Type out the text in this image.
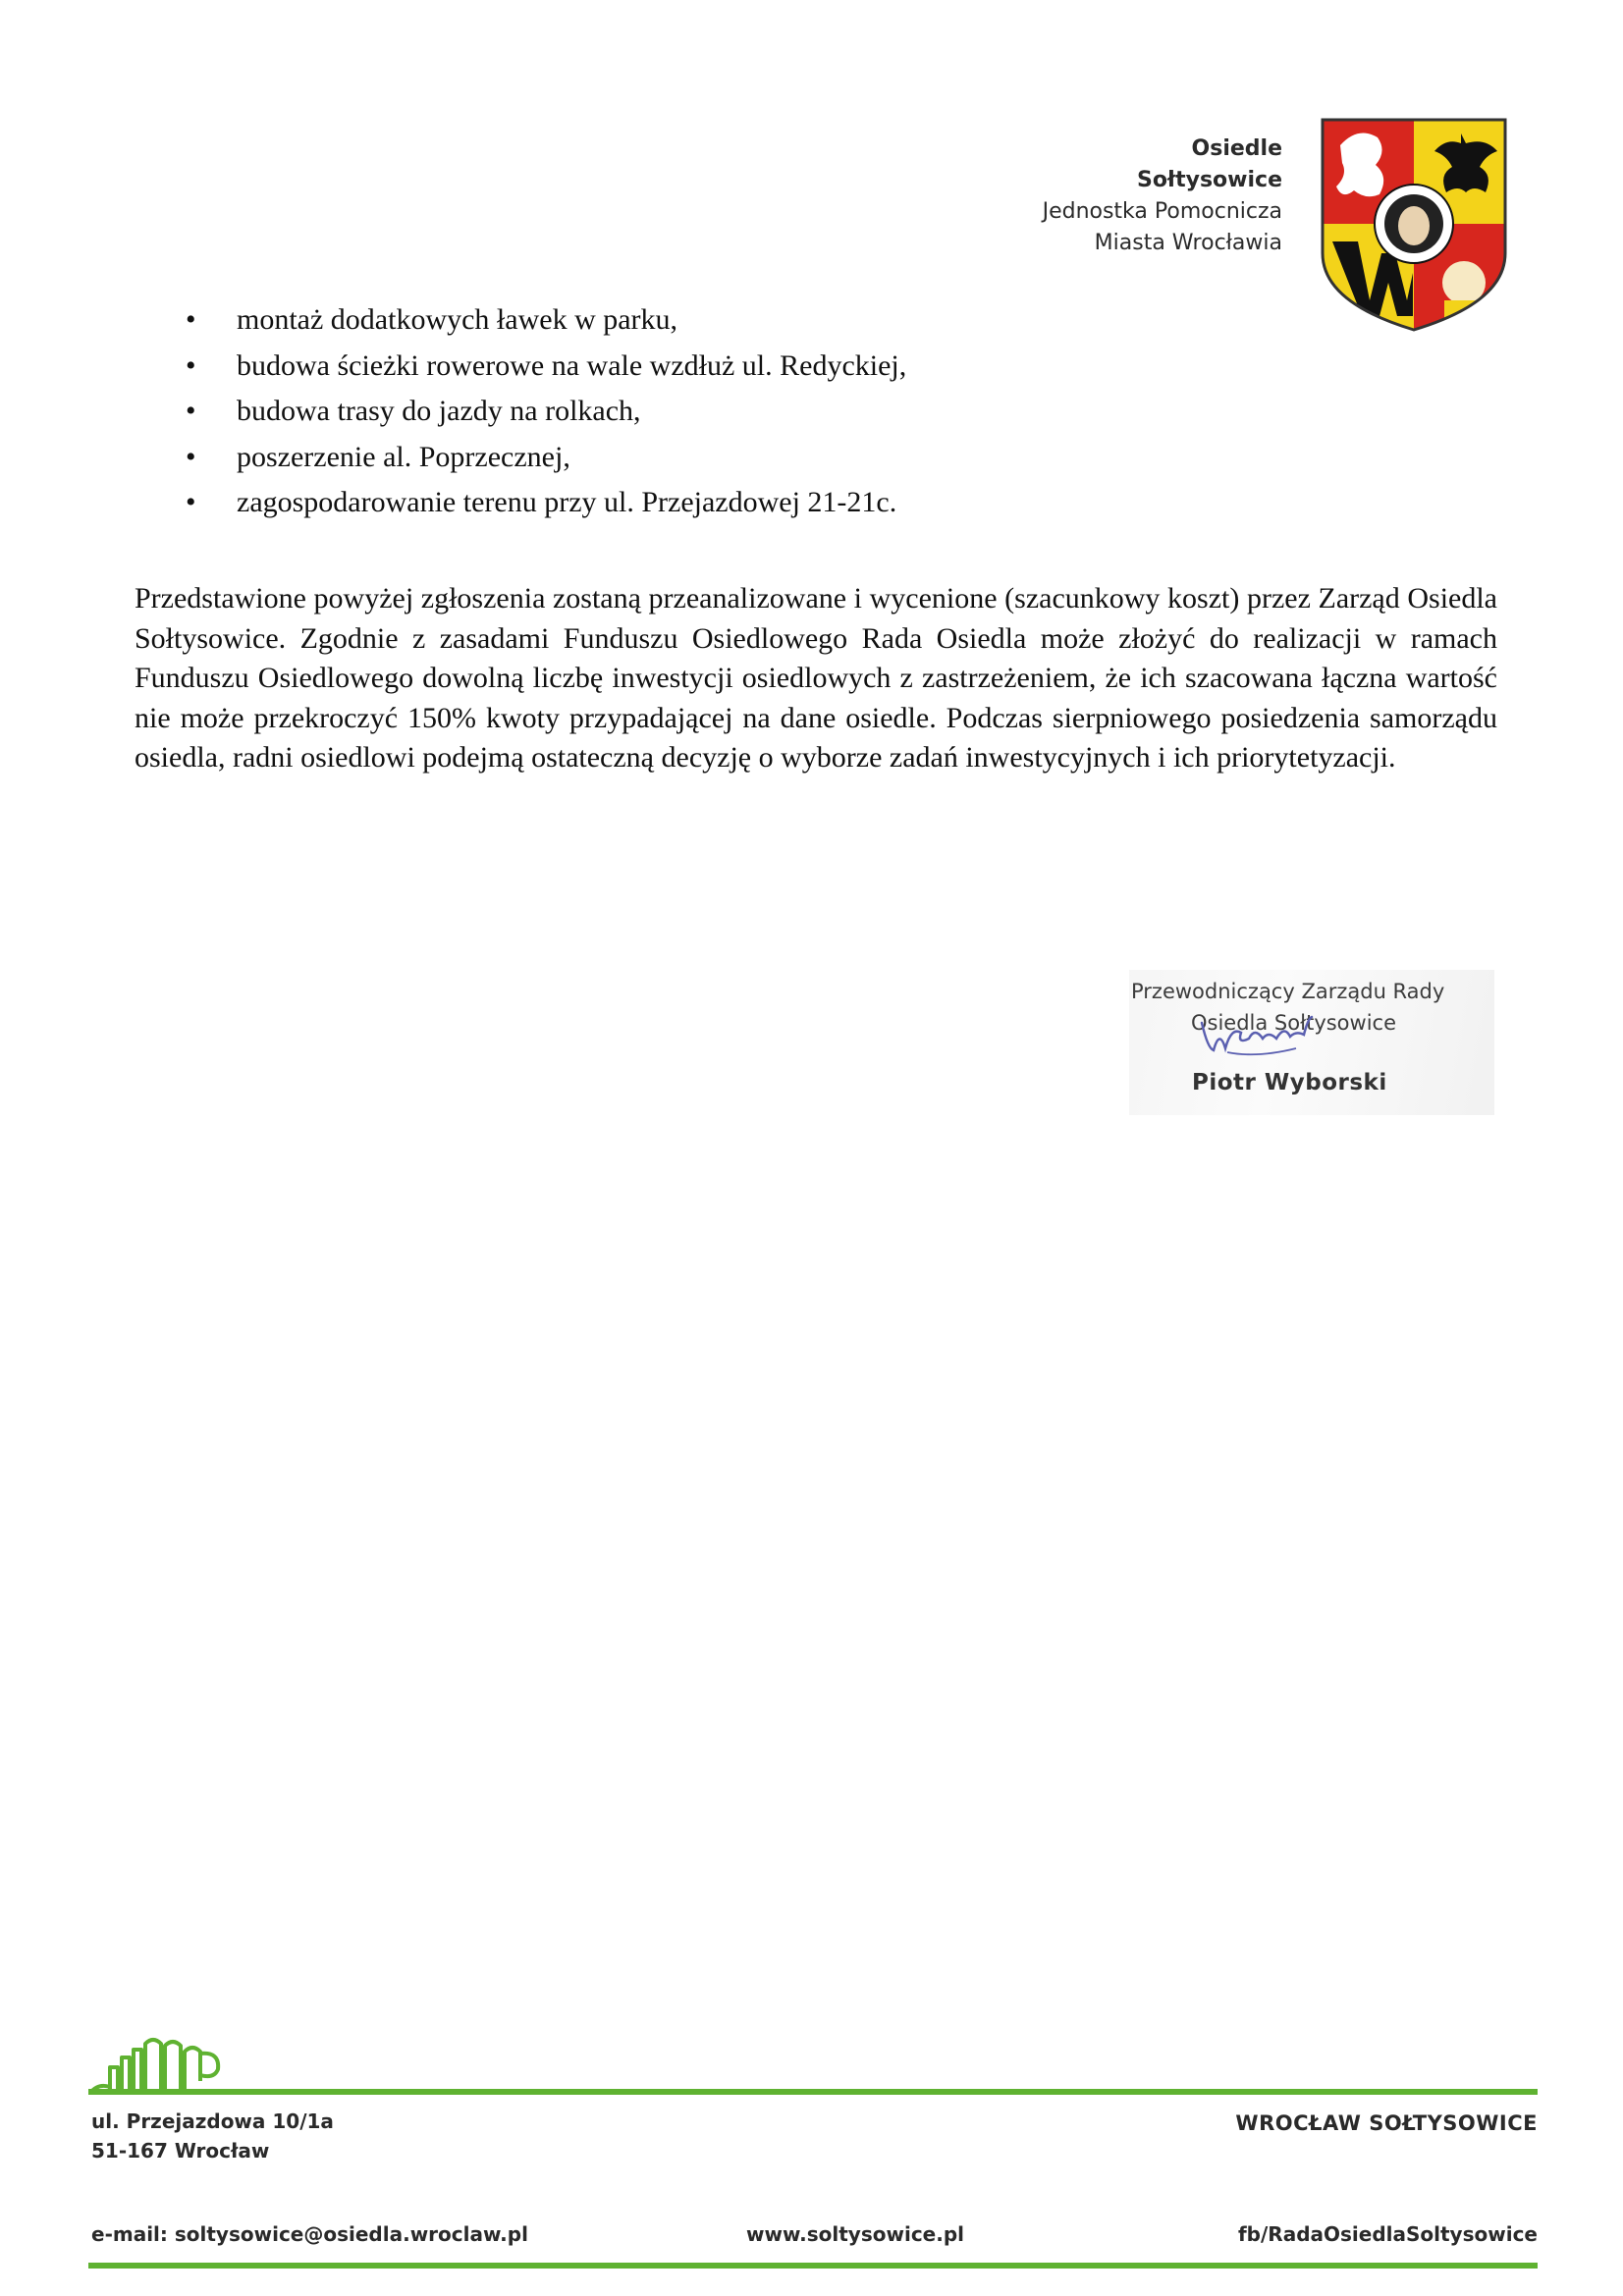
Osiedle
Sołtysowice
Jednostka Pomocnicza
Miasta Wrocławia
• montaż dodatkowych ławek w parku,
• budowa ścieżki rowerowe na wale wzdłuż ul. Redyckiej,
• budowa trasy do jazdy na rolkach,
• poszerzenie al. Poprzecznej,
• zagospodarowanie terenu przy ul. Przejazdowej 21-21c.

Przedstawione powyżej zgłoszenia zostaną przeanalizowane i wycenione (szacunkowy koszt) przez Zarząd Osiedla Sołtysowice. Zgodnie z zasadami Funduszu Osiedlowego Rada Osiedla może złożyć do realizacji w ramach Funduszu Osiedlowego dowolną liczbę inwestycji osiedlowych z zastrzeżeniem, że ich szacowana łączna wartość nie może przekroczyć 150% kwoty przypadającej na dane osiedle. Podczas sierpniowego posiedzenia samorządu osiedla, radni osiedlowi podejmą ostateczną decyzję o wyborze zadań inwestycyjnych i ich priorytetyzacji.

Przewodniczący Zarządu Rady
Osiedla Sołtysowice
Piotr Wyborski
ul. Przejazdowa 10/1a
51-167 Wrocław
WROCŁAW SOŁTYSOWICE
e-mail: soltysowice@osiedla.wroclaw.pl	www.soltysowice.pl	fb/RadaOsiedlaSoltysowice
